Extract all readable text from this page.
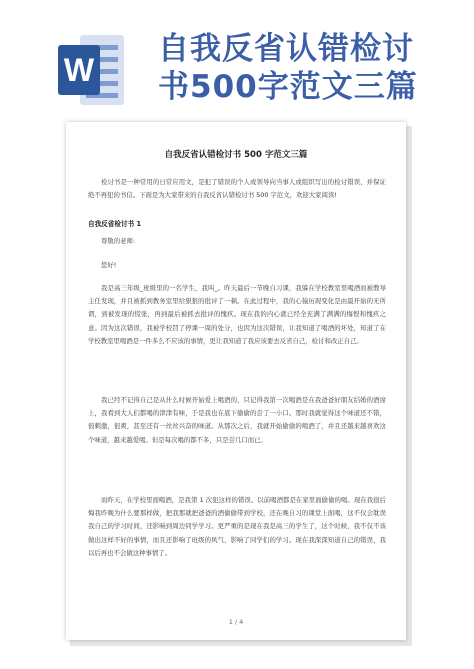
W
自我反省认错检讨
书500字范文三篇
自我反省认错检讨书 500 字范文三篇
检讨书是一种常用的日常应用文，是犯了错误的个人或领导向当事人或组织写出的检讨错误、并保证绝不再犯的书信。下面是为大家带来的自我反省认错检讨书 500 字范文，欢迎大家阅读!
自我反省检讨书 1
尊敬的老师:
您好!
我是高三年级_班级里的一名学生，我叫_。昨天最后一节晚自习课，我躲在学校教室里喝酒而被教导主任发现，并且被抓到教务室里给狠狠的批评了一顿。在此过程中，我的心猿历现变化是由最开始的无所谓，到被发现的慌张，再到最后被抓去批评的愧疚。现在我的内心就已经全充满了满满的悔恨和愧疚之意。因为这次错误，我被学校罚了停课一周的处分，也因为这次错误，让我知道了喝酒的坏处，知道了在学校教室里喝酒是一件多么不应该的事情，更让我知道了我应该要去反省自己，检讨和改正自己。
我已经不记得自己是从什么时候开始爱上喝酒的，只记得我第一次喝酒是在我爸爸好朋友结婚的酒席上，我看到大人们都喝的津津有味，于是我也在底下偷偷的尝了一小口。那时我就觉得这个味道还不错，很刺激，很爽，甚至还有一丝丝兴奋的味道。从那次之后，我就开始偷偷的喝酒了，并且还越来越喜欢这个味道，越来越爱喝。但是每次喝的都不多，只是尝几口而已。
而昨天，在学校里面喝酒，是我第 1 次犯这样的错误。以前喝酒都是在家里面偷偷的喝。现在我很后悔我昨晚为什么要那样做，把我那就把爸爸的酒偷偷带到学校，还在晚自习的课堂上面喝，这不仅会耽误我自己的学习时间，还影响到周边同学学习。更严重的是现在我是高三的学生了，这个时候，我不仅不该做出这样不好的事情，而且还影响了班级的风气，影响了同学们的学习。现在我深深知道自己的错误，我以后再也不会做这种事情了。
1 / 4
